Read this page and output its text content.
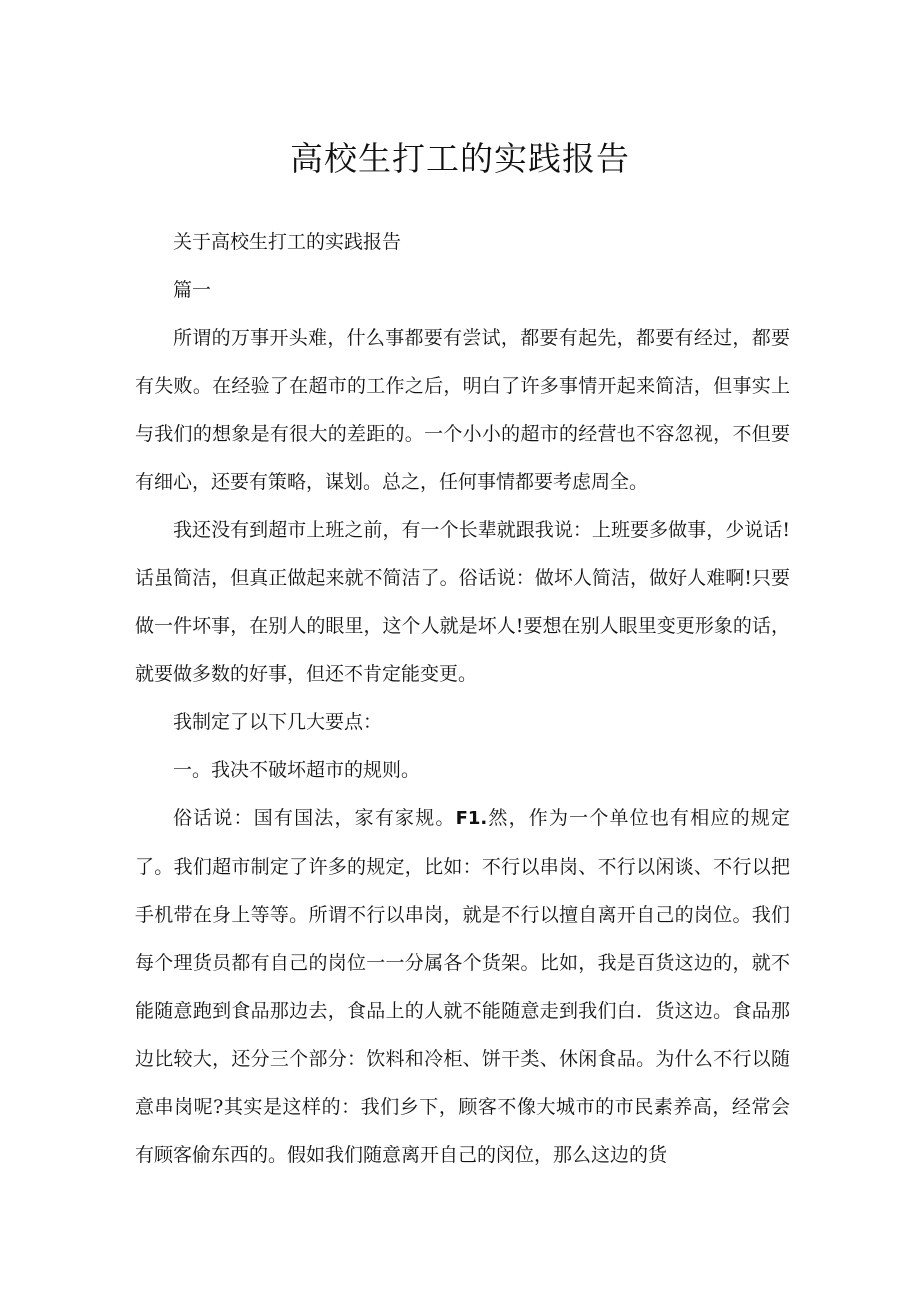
高校生打工的实践报告

关于高校生打工的实践报告

篇一

所谓的万事开头难，什么事都要有尝试，都要有起先，都要有经过，都要有失败。在经验了在超市的工作之后，明白了许多事情开起来简洁，但事实上与我们的想象是有很大的差距的。一个小小的超市的经营也不容忽视，不但要有细心，还要有策略，谋划。总之，任何事情都要考虑周全。

我还没有到超市上班之前，有一个长辈就跟我说：上班要多做事，少说话!话虽简洁，但真正做起来就不简洁了。俗话说：做坏人简洁，做好人难啊!只要做一件坏事，在别人的眼里，这个人就是坏人!要想在别人眼里变更形象的话，就要做多数的好事，但还不肯定能变更。

我制定了以下几大要点：

一。我决不破坏超市的规则。

俗话说：国有国法，家有家规。F1.然，作为一个单位也有相应的规定了。我们超市制定了许多的规定，比如：不行以串岗、不行以闲谈、不行以把手机带在身上等等。所谓不行以串岗，就是不行以擅自离开自己的岗位。我们每个理货员都有自己的岗位一一分属各个货架。比如，我是百货这边的，就不能随意跑到食品那边去，食品上的人就不能随意走到我们白．货这边。食品那边比较大，还分三个部分：饮料和冷柜、饼干类、休闲食品。为什么不行以随意串岗呢?其实是这样的：我们乡下，顾客不像大城市的市民素养高，经常会有顾客偷东西的。假如我们随意离开自己的闵位，那么这边的货
